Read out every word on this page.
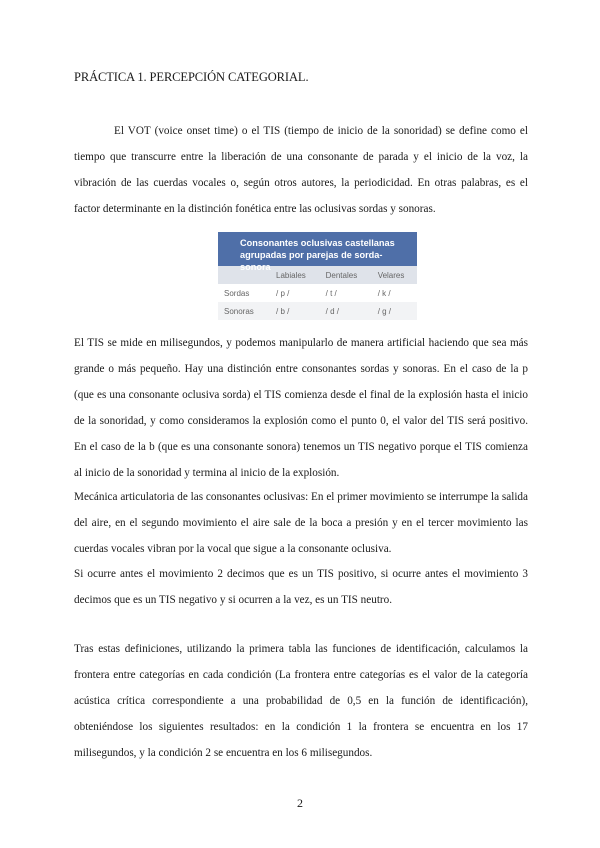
PRÁCTICA 1. PERCEPCIÓN CATEGORIAL.

El VOT (voice onset time) o el TIS (tiempo de inicio de la sonoridad) se define como el tiempo que transcurre entre la liberación de una consonante de parada y el inicio de la voz, la vibración de las cuerdas vocales o, según otros autores, la periodicidad. En otras palabras, es el factor determinante en la distinción fonética entre las oclusivas sordas y sonoras.

Consonantes oclusivas castellanas agrupadas por parejas de sorda-sonora
	Labiales	Dentales	Velares
Sordas	/ p /	/ t /	/ k /
Sonoras	/ b /	/ d /	/ g /

El TIS se mide en milisegundos, y podemos manipularlo de manera artificial haciendo que sea más grande o más pequeño. Hay una distinción entre consonantes sordas y sonoras. En el caso de la p (que es una consonante oclusiva sorda) el TIS comienza desde el final de la explosión hasta el inicio de la sonoridad, y como consideramos la explosión como el punto 0, el valor del TIS será positivo. En el caso de la b (que es una consonante sonora) tenemos un TIS negativo porque el TIS comienza al inicio de la sonoridad y termina al inicio de la explosión.

Mecánica articulatoria de las consonantes oclusivas: En el primer movimiento se interrumpe la salida del aire, en el segundo movimiento el aire sale de la boca a presión y en el tercer movimiento las cuerdas vocales vibran por la vocal que sigue a la consonante oclusiva.

Si ocurre antes el movimiento 2 decimos que es un TIS positivo, si ocurre antes el movimiento 3 decimos que es un TIS negativo y si ocurren a la vez, es un TIS neutro.

Tras estas definiciones, utilizando la primera tabla las funciones de identificación, calculamos la frontera entre categorías en cada condición (La frontera entre categorías es el valor de la categoría acústica crítica correspondiente a una probabilidad de 0,5 en la función de identificación), obteniéndose los siguientes resultados: en la condición 1 la frontera se encuentra en los 17 milisegundos, y la condición 2 se encuentra en los 6 milisegundos.

2
